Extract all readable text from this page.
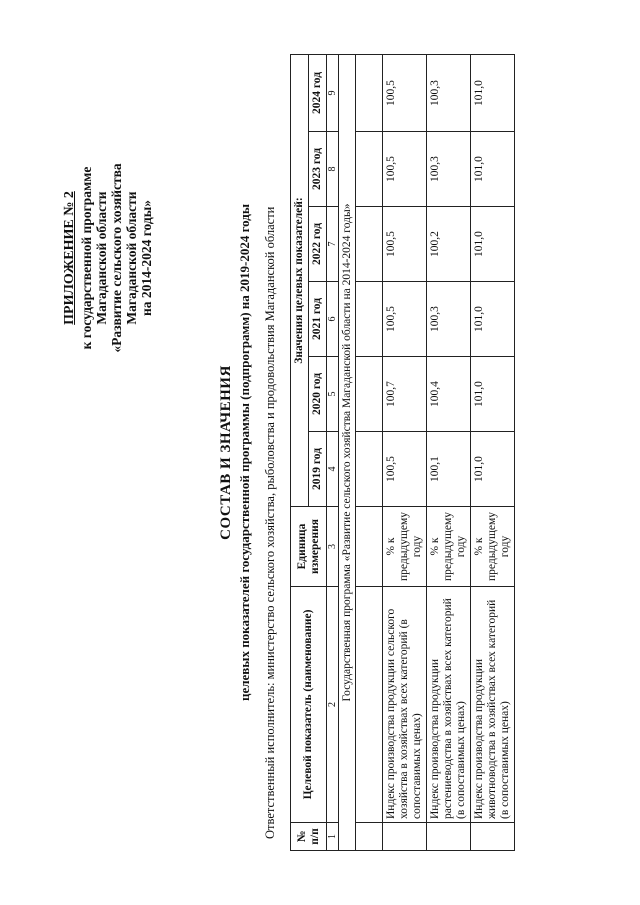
ПРИЛОЖЕНИЕ № 2 к государственной программе Магаданской области «Развитие сельского хозяйства Магаданской области на 2014-2024 годы»
СОСТАВ И ЗНАЧЕНИЯ целевых показателей государственной программы (подпрограмм) на 2019-2024 годы Ответственный исполнитель: министерство сельского хозяйства, рыболовства и продовольствия Магаданской области № п/п	Целевой показатель (наименование)	Единица измерения	Значения целевых показателей:					
			2019 год	2020 год	2021 год	2022 год	2023 год	2024 год
1	2	3	4	5	6	7	8	9
Государственная программа «Развитие сельского хозяйства Магаданской области на 2014-2024 годы»								

	Индекс производства продукции сельского хозяйства в хозяйствах всех категорий (в сопоставимых ценах)	% к предыдущему году	100,5	100,7	100,5	100,5	100,5	100,5
	Индекс производства продукции растениеводства в хозяйствах всех категорий (в сопоставимых ценах)	% к предыдущему году	100,1	100,4	100,3	100,2	100,3	100,3
	Индекс производства продукции животноводства в хозяйствах всех категорий (в сопоставимых ценах)	% к предыдущему году	101,0	101,0	101,0	101,0	101,0	101,0
